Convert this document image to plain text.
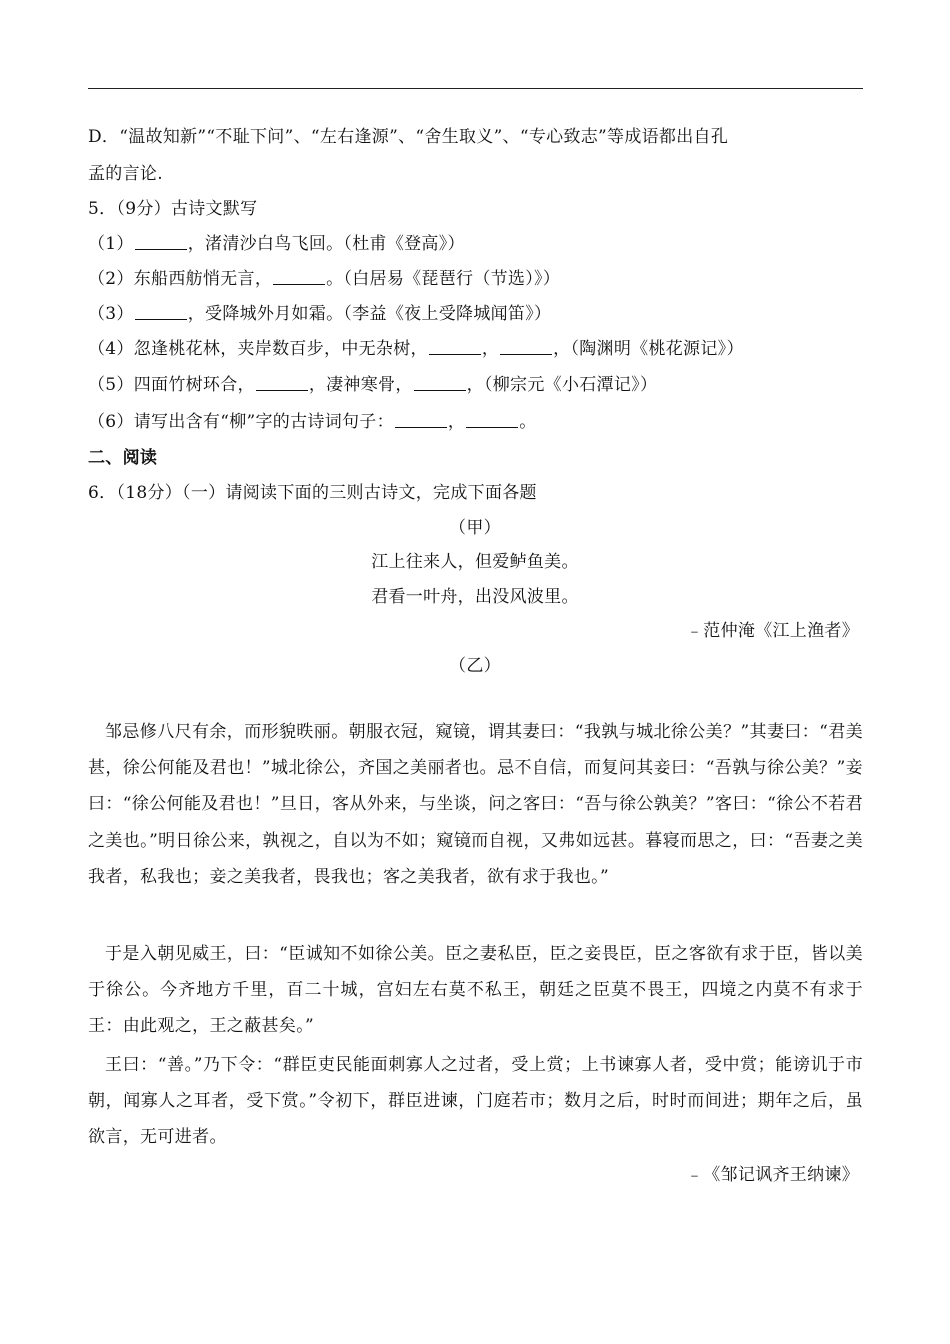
D．“温故知新”“不耻下问”、“左右逢源”、“舍生取义”、“专心致志”等成语都出自孔
孟的言论.
5．（9分）古诗文默写
（1）	，渚清沙白鸟飞回。（杜甫《登高》）
（2）东船西舫悄无言，	。（白居易《琵琶行（节选）》）
（3）	，受降城外月如霜。（李益《夜上受降城闻笛》）
（4）忽逢桃花林，夹岸数百步，中无杂树，	，	，（陶渊明《桃花源记》）
（5）四面竹树环合，	，凄神寒骨，	，（柳宗元《小石潭记》）
（6）请写出含有“柳”字的古诗词句子：	，	。
二、阅读
6．（18分）（一）请阅读下面的三则古诗文，完成下面各题
（甲）
江上往来人，但爱鲈鱼美。
君看一叶舟，出没风波里。
﹣范仲淹《江上渔者》
（乙）
邹忌修八尺有余，而形貌昳丽。朝服衣冠，窥镜，谓其妻曰：“我孰与城北徐公美？”其妻曰：“君美甚，徐公何能及君也！”城北徐公，齐国之美丽者也。忌不自信，而复问其妾曰：“吾孰与徐公美？”妾曰：“徐公何能及君也！”旦日，客从外来，与坐谈，问之客曰：“吾与徐公孰美？”客曰：“徐公不若君之美也。”明日徐公来，孰视之，自以为不如；窥镜而自视，又弗如远甚。暮寝而思之，曰：“吾妻之美我者，私我也；妾之美我者，畏我也；客之美我者，欲有求于我也。”
于是入朝见威王，曰：“臣诚知不如徐公美。臣之妻私臣，臣之妾畏臣，臣之客欲有求于臣，皆以美于徐公。今齐地方千里，百二十城，宫妇左右莫不私王，朝廷之臣莫不畏王，四境之内莫不有求于王：由此观之，王之蔽甚矣。”
王曰：“善。”乃下令：“群臣吏民能面刺寡人之过者，受上赏；上书谏寡人者，受中赏；能谤讥于市朝，闻寡人之耳者，受下赏。”令初下，群臣进谏，门庭若市；数月之后，时时而间进；期年之后，虽欲言，无可进者。
﹣《邹记讽齐王纳谏》
